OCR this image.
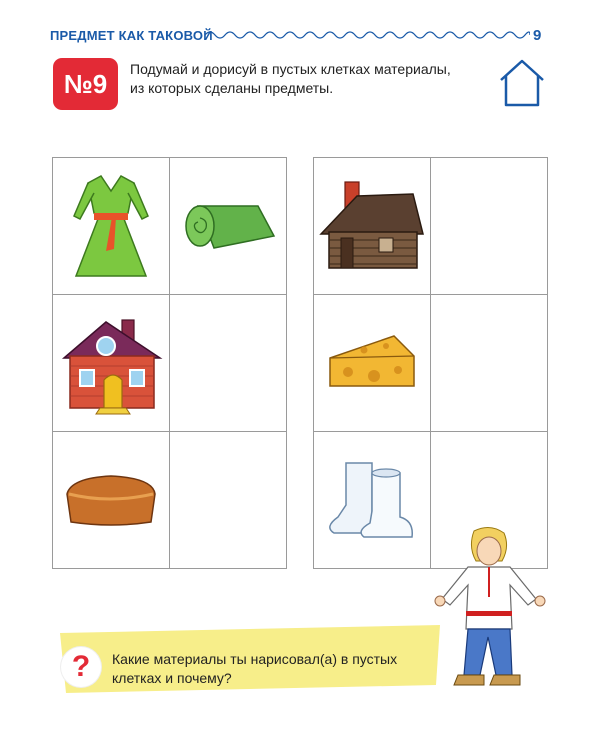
ПРЕДМЕТ КАК ТАКОВОЙ	9
№9	Подумай и дорисуй в пустых клетках материалы, из которых сделаны предметы.

?	Какие материалы ты нарисовал(а) в пустых клетках и почему?
